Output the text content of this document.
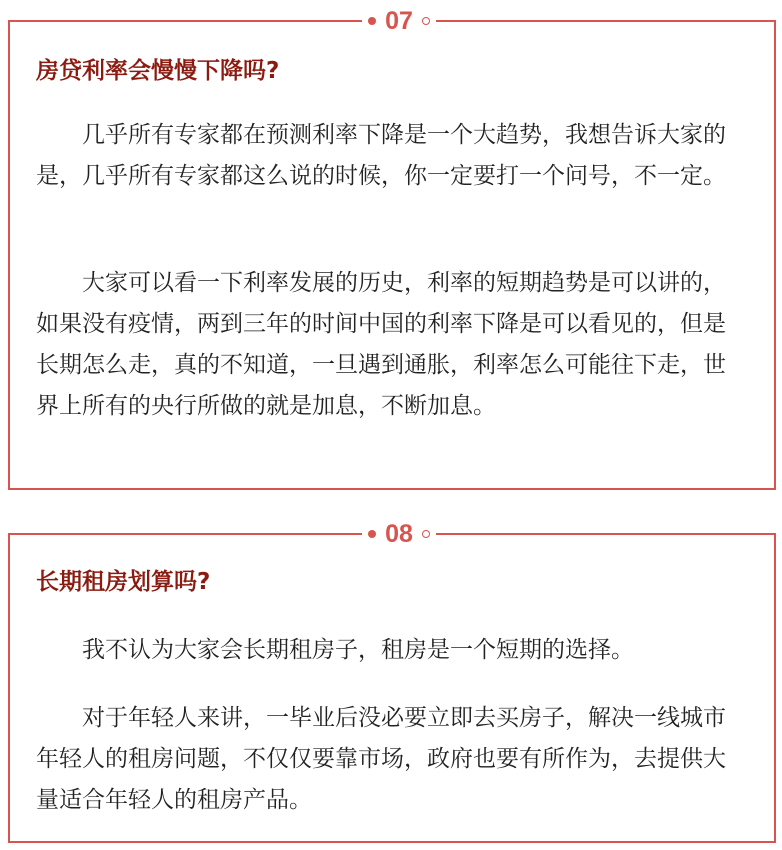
07
房贷利率会慢慢下降吗?

几乎所有专家都在预测利率下降是一个大趋势，我想告诉大家的是，几乎所有专家都这么说的时候，你一定要打一个问号，不一定。

大家可以看一下利率发展的历史，利率的短期趋势是可以讲的，如果没有疫情，两到三年的时间中国的利率下降是可以看见的，但是长期怎么走，真的不知道，一旦遇到通胀，利率怎么可能往下走，世界上所有的央行所做的就是加息，不断加息。

08
长期租房划算吗?

我不认为大家会长期租房子，租房是一个短期的选择。

对于年轻人来讲，一毕业后没必要立即去买房子，解决一线城市年轻人的租房问题，不仅仅要靠市场，政府也要有所作为，去提供大量适合年轻人的租房产品。
